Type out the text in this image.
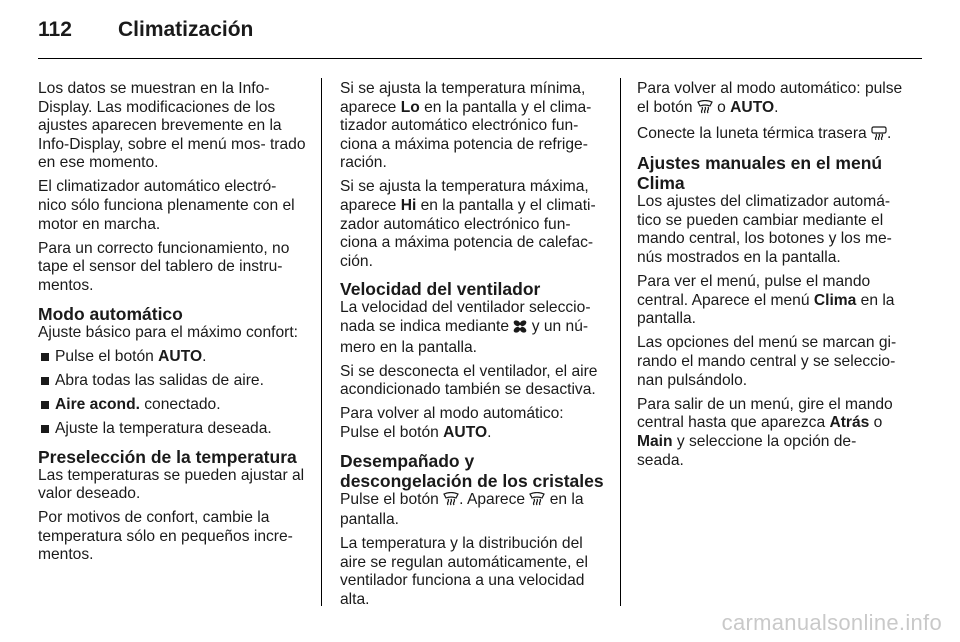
112 Climatización

Los datos se muestran en la Info-Display. Las modificaciones de los ajustes aparecen brevemente en la Info-Display, sobre el menú mos- trado en ese momento.

El climatizador automático electró- nico sólo funciona plenamente con el motor en marcha.

Para un correcto funcionamiento, no tape el sensor del tablero de instru- mentos.

Modo automático

Ajuste básico para el máximo confort:

Pulse el botón AUTO.
Abra todas las salidas de aire.
Aire acond. conectado.
Ajuste la temperatura deseada.
Preselección de la temperatura

Las temperaturas se pueden ajustar al valor deseado.

Por motivos de confort, cambie la temperatura sólo en pequeños incre- mentos.

Si se ajusta la temperatura mínima, aparece Lo en la pantalla y el clima- tizador automático electrónico fun- ciona a máxima potencia de refrige- ración.

Si se ajusta la temperatura máxima, aparece Hi en la pantalla y el climati- zador automático electrónico fun- ciona a máxima potencia de calefac- ción.

Velocidad del ventilador

La velocidad del ventilador seleccio- nada se indica mediante  y un nú- mero en la pantalla.

Si se desconecta el ventilador, el aire acondicionado también se desactiva.

Para volver al modo automático: Pulse el botón AUTO.

Desempañado y descongelación de los cristales

Pulse el botón . Aparece  en la pantalla.

La temperatura y la distribución del aire se regulan automáticamente, el ventilador funciona a una velocidad alta.

Para volver al modo automático: pulse el botón  o AUTO.

Conecte la luneta térmica trasera .

Ajustes manuales en el menú Clima

Los ajustes del climatizador automá- tico se pueden cambiar mediante el mando central, los botones y los me- nús mostrados en la pantalla.

Para ver el menú, pulse el mando central. Aparece el menú Clima en la pantalla.

Las opciones del menú se marcan gi- rando el mando central y se seleccio- nan pulsándolo.

Para salir de un menú, gire el mando central hasta que aparezca Atrás o Main y seleccione la opción de- seada.

carmanualsonline.info
